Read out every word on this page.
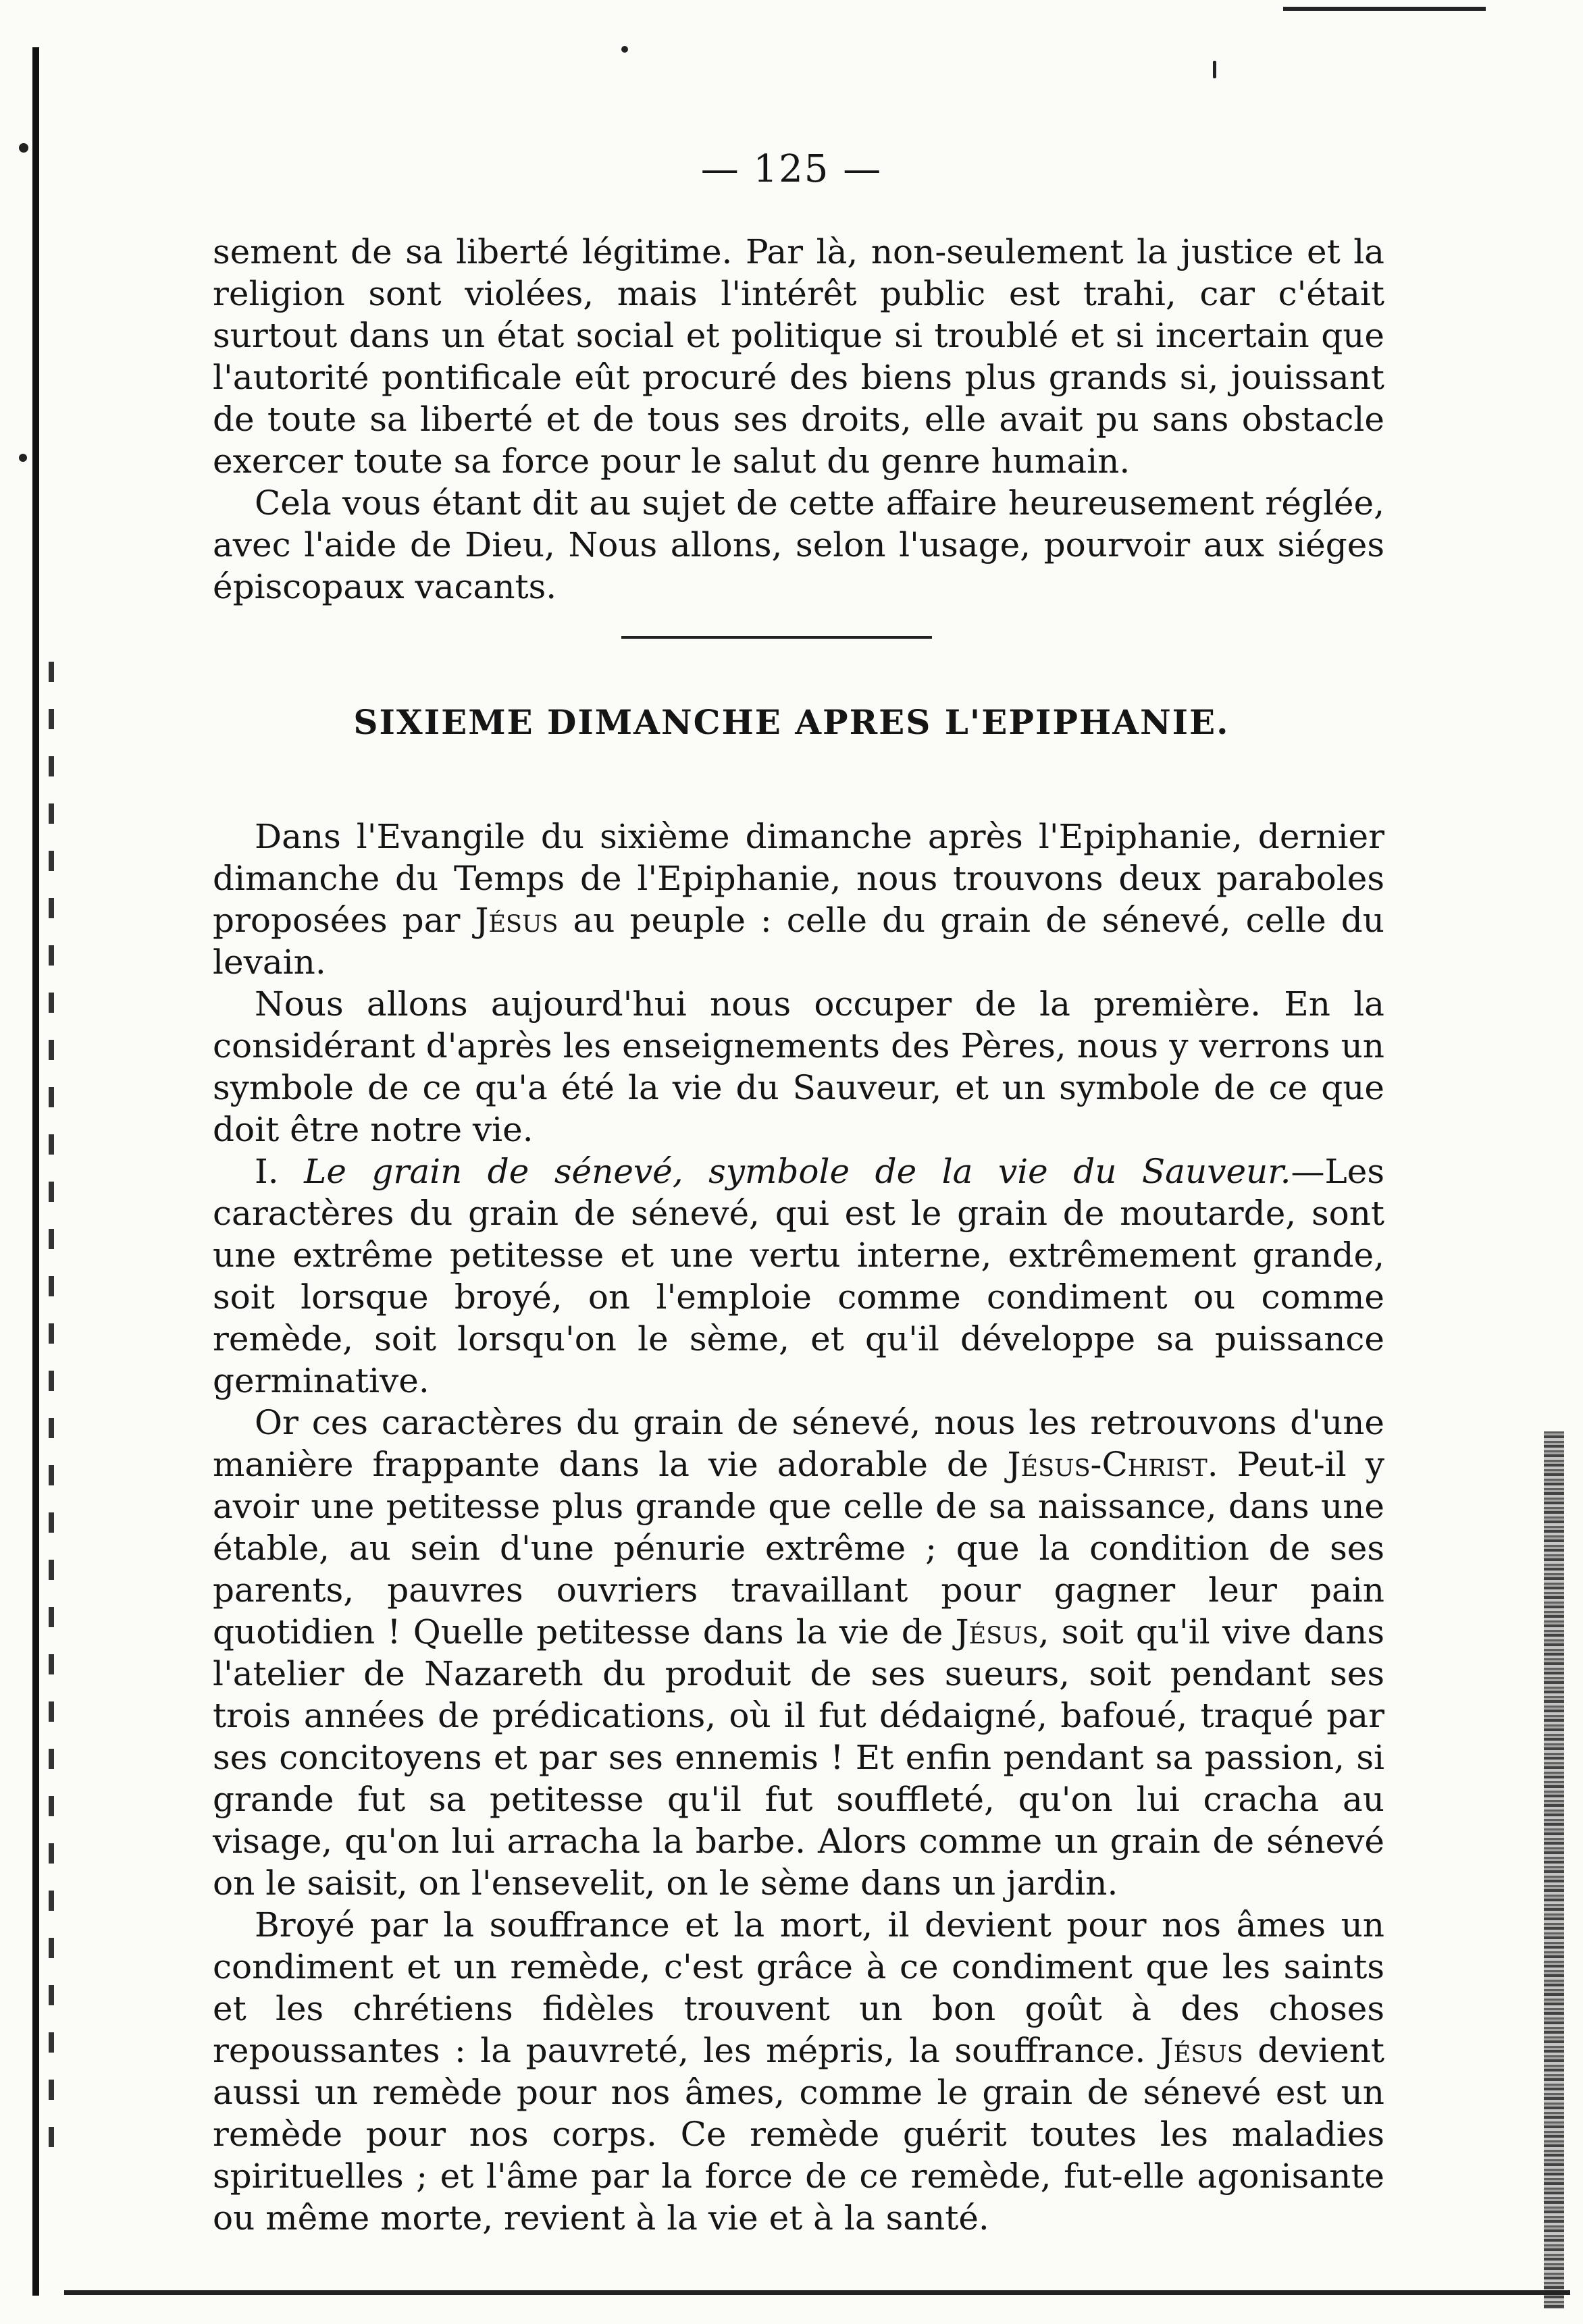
— 125 —

sement de sa liberté légitime. Par là, non-seulement la justice et la religion sont violées, mais l'intérêt public est trahi, car c'était surtout dans un état social et politique si troublé et si incertain que l'autorité pontificale eût procuré des biens plus grands si, jouissant de toute sa liberté et de tous ses droits, elle avait pu sans obstacle exercer toute sa force pour le salut du genre humain.

Cela vous étant dit au sujet de cette affaire heureusement réglée, avec l'aide de Dieu, Nous allons, selon l'usage, pourvoir aux siéges épiscopaux vacants.

SIXIEME DIMANCHE APRES L'EPIPHANIE.

Dans l'Evangile du sixième dimanche après l'Epiphanie, dernier dimanche du Temps de l'Epiphanie, nous trouvons deux paraboles proposées par Jésus au peuple : celle du grain de sénevé, celle du levain.

Nous allons aujourd'hui nous occuper de la première. En la considérant d'après les enseignements des Pères, nous y verrons un symbole de ce qu'a été la vie du Sauveur, et un symbole de ce que doit être notre vie.

I. Le grain de sénevé, symbole de la vie du Sauveur.—Les caractères du grain de sénevé, qui est le grain de moutarde, sont une extrême petitesse et une vertu interne, extrêmement grande, soit lorsque broyé, on l'emploie comme condiment ou comme remède, soit lorsqu'on le sème, et qu'il développe sa puissance germinative.

Or ces caractères du grain de sénevé, nous les retrouvons d'une manière frappante dans la vie adorable de Jésus-Christ. Peut-il y avoir une petitesse plus grande que celle de sa naissance, dans une étable, au sein d'une pénurie extrême ; que la condition de ses parents, pauvres ouvriers travaillant pour gagner leur pain quotidien ! Quelle petitesse dans la vie de Jésus, soit qu'il vive dans l'atelier de Nazareth du produit de ses sueurs, soit pendant ses trois années de prédications, où il fut dédaigné, bafoué, traqué par ses concitoyens et par ses ennemis ! Et enfin pendant sa passion, si grande fut sa petitesse qu'il fut souffleté, qu'on lui cracha au visage, qu'on lui arracha la barbe. Alors comme un grain de sénevé on le saisit, on l'ensevelit, on le sème dans un jardin.

Broyé par la souffrance et la mort, il devient pour nos âmes un condiment et un remède, c'est grâce à ce condiment que les saints et les chrétiens fidèles trouvent un bon goût à des choses repoussantes : la pauvreté, les mépris, la souffrance. Jésus devient aussi un remède pour nos âmes, comme le grain de sénevé est un remède pour nos corps. Ce remède guérit toutes les maladies spirituelles ; et l'âme par la force de ce remède, fut-elle agonisante ou même morte, revient à la vie et à la santé.
